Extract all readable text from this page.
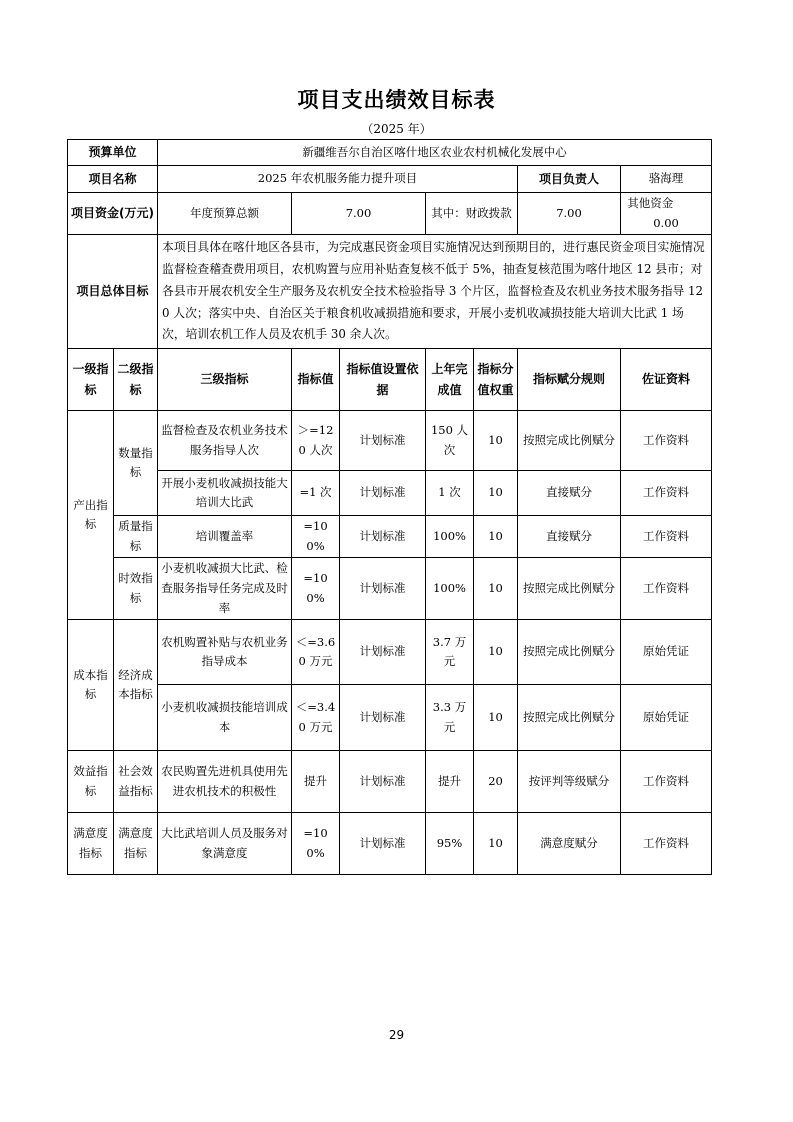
项目支出绩效目标表
（2025 年）
预算单位		新疆维吾尔自治区喀什地区农业农村机械化发展中心						
项目名称		2025 年农机服务能力提升项目					项目负责人	骆海理
项目资金(万元)		年度预算总额	7.00		其中：财政拨款		7.00	其他资金  0.00
项目总体目标		本项目具体在喀什地区各县市，为完成惠民资金项目实施情况达到预期目的，进行惠民资金项目实施情况监督检查稽查费用项目，农机购置与应用补贴查复核不低于 5%，抽查复核范围为喀什地区 12 县市；对各县市开展农机安全生产服务及农机安全技术检验指导 3 个片区，监督检查及农机业务技术服务指导 120 人次；落实中央、自治区关于粮食机收减损措施和要求，开展小麦机收减损技能大培训大比武 1 场次，培训农机工作人员及农机手 30 余人次。						
一级指标	二级指标	三级指标	指标值	指标值设置依据	上年完成值	指标分值权重	指标赋分规则	佐证资料
产出指标	数量指标	监督检查及农机业务技术服务指导人次	＞=120 人次	计划标准	150 人次	10	按照完成比例赋分	工作资料
		开展小麦机收减损技能大培训大比武	=1 次	计划标准	1 次	10	直接赋分	工作资料
	质量指标	培训覆盖率	=100%	计划标准	100%	10	直接赋分	工作资料
	时效指标	小麦机收减损大比武、检查服务指导任务完成及时率	=100%	计划标准	100%	10	按照完成比例赋分	工作资料

成本指标	经济成本指标	农机购置补贴与农机业务指导成本	＜=3.60 万元	计划标准	3.7 万元	10	按照完成比例赋分	原始凭证
		小麦机收减损技能培训成本	＜=3.40 万元	计划标准	3.3 万元	10	按照完成比例赋分	原始凭证
效益指标	社会效益指标	农民购置先进机具使用先进农机技术的积极性	提升	计划标准	提升	20	按评判等级赋分	工作资料
满意度指标	满意度指标	大比武培训人员及服务对象满意度	=100%	计划标准	95%	10	满意度赋分	工作资料
29
